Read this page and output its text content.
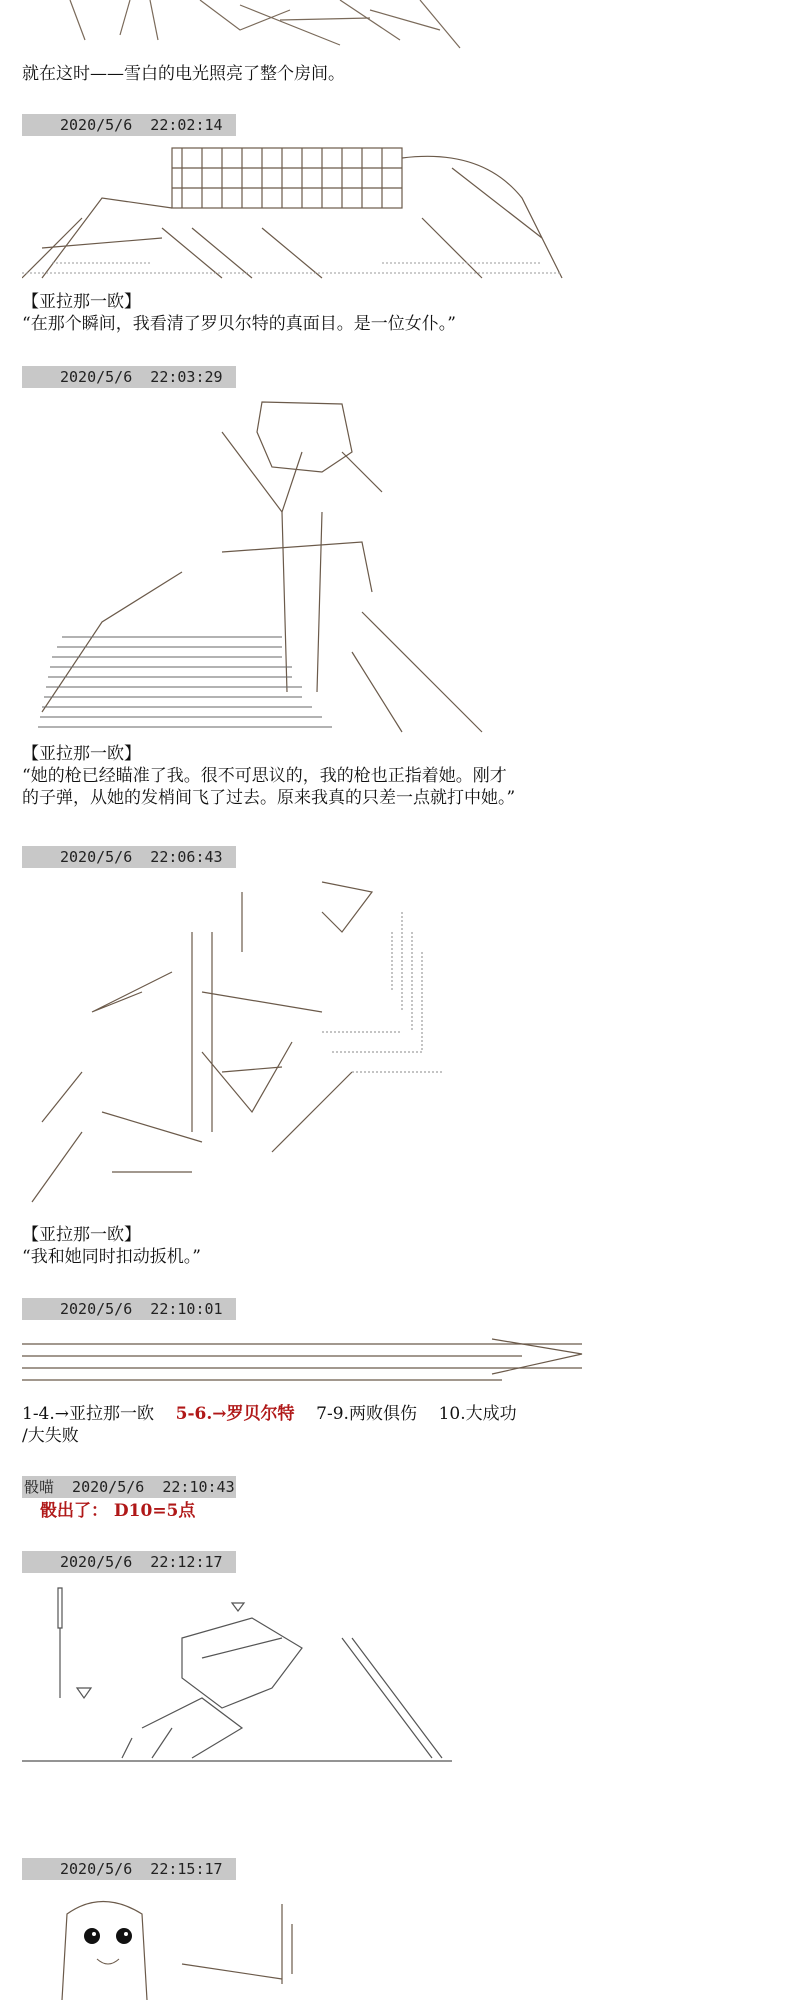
就在这时——雪白的电光照亮了整个房间。
2020/5/6  22:02:14
【亚拉那一欧】
“在那个瞬间，我看清了罗贝尔特的真面目。是一位女仆。”
2020/5/6  22:03:29
【亚拉那一欧】
“她的枪已经瞄准了我。很不可思议的，我的枪也正指着她。刚才
的子弹，从她的发梢间飞了过去。原来我真的只差一点就打中她。”
2020/5/6  22:06:43
【亚拉那一欧】
“我和她同时扣动扳机。”
2020/5/6  22:10:01
1-4.→亚拉那一欧 5-6.→罗贝尔特 7-9.两败俱伤 10.大成功
/大失败
骰喵  2020/5/6  22:10:43
骰出了： D10=5点
2020/5/6  22:12:17
2020/5/6  22:15:17
